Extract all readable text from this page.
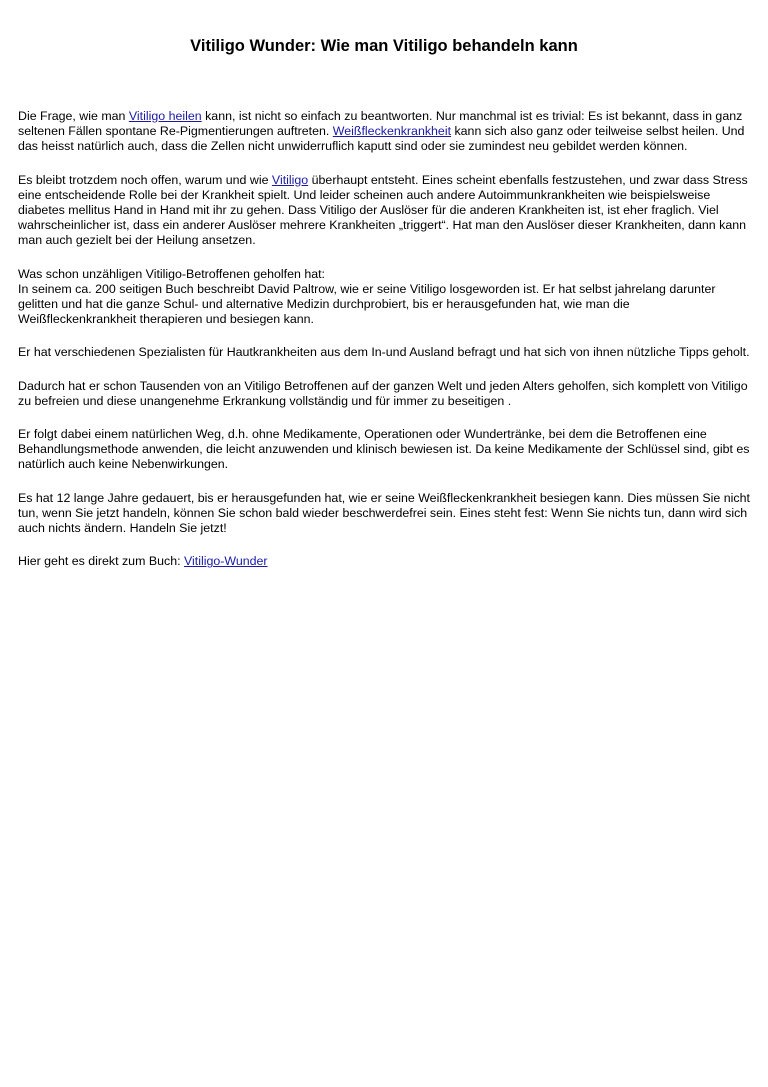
Vitiligo Wunder: Wie man Vitiligo behandeln kann

Die Frage, wie man Vitiligo heilen kann, ist nicht so einfach zu beantworten. Nur manchmal ist es trivial: Es ist bekannt, dass in ganz seltenen Fällen spontane Re-Pigmentierungen auftreten. Weißfleckenkrankheit kann sich also ganz oder teilweise selbst heilen. Und das heisst natürlich auch, dass die Zellen nicht unwiderruflich kaputt sind oder sie zumindest neu gebildet werden können.

Es bleibt trotzdem noch offen, warum und wie Vitiligo überhaupt entsteht. Eines scheint ebenfalls festzustehen, und zwar dass Stress eine entscheidende Rolle bei der Krankheit spielt. Und leider scheinen auch andere Autoimmunkrankheiten wie beispielsweise diabetes mellitus Hand in Hand mit ihr zu gehen. Dass Vitiligo der Auslöser für die anderen Krankheiten ist, ist eher fraglich. Viel wahrscheinlicher ist, dass ein anderer Auslöser mehrere Krankheiten „triggert“. Hat man den Auslöser dieser Krankheiten, dann kann man auch gezielt bei der Heilung ansetzen.

Was schon unzähligen Vitiligo-Betroffenen geholfen hat:
In seinem ca. 200 seitigen Buch beschreibt David Paltrow, wie er seine Vitiligo losgeworden ist. Er hat selbst jahrelang darunter gelitten und hat die ganze Schul- und alternative Medizin durchprobiert, bis er herausgefunden hat, wie man die Weißfleckenkrankheit therapieren und besiegen kann.

Er hat verschiedenen Spezialisten für Hautkrankheiten aus dem In-und Ausland befragt und hat sich von ihnen nützliche Tipps geholt.

Dadurch hat er schon Tausenden von an Vitiligo Betroffenen auf der ganzen Welt und jeden Alters geholfen, sich komplett von Vitiligo zu befreien und diese unangenehme Erkrankung vollständig und für immer zu beseitigen .

Er folgt dabei einem natürlichen Weg, d.h. ohne Medikamente, Operationen oder Wundertränke, bei dem die Betroffenen eine Behandlungsmethode anwenden, die leicht anzuwenden und klinisch bewiesen ist. Da keine Medikamente der Schlüssel sind, gibt es natürlich auch keine Nebenwirkungen.

Es hat 12 lange Jahre gedauert, bis er herausgefunden hat, wie er seine Weißfleckenkrankheit besiegen kann. Dies müssen Sie nicht tun, wenn Sie jetzt handeln, können Sie schon bald wieder beschwerdefrei sein. Eines steht fest: Wenn Sie nichts tun, dann wird sich auch nichts ändern. Handeln Sie jetzt!

Hier geht es direkt zum Buch: Vitiligo-Wunder
